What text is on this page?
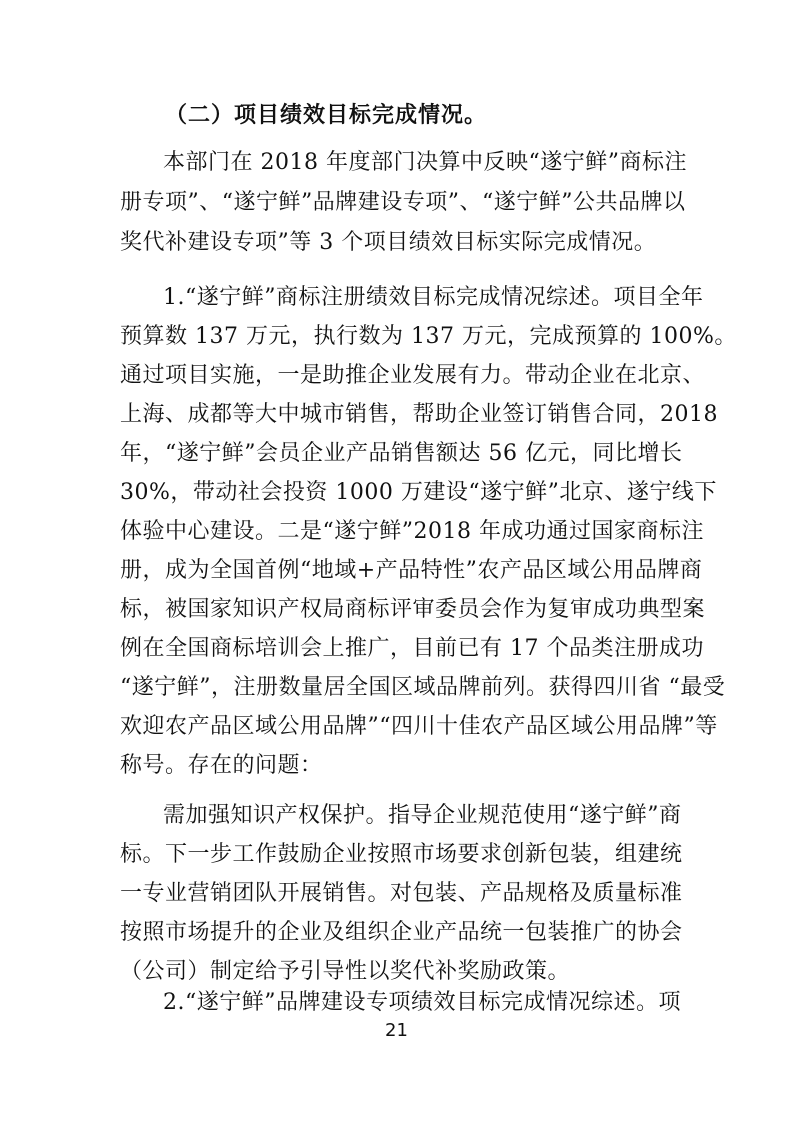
（二）项目绩效目标完成情况。
本部门在 2018 年度部门决算中反映“遂宁鲜”商标注
册专项”、“遂宁鲜”品牌建设专项”、“遂宁鲜”公共品牌以
奖代补建设专项”等 3 个项目绩效目标实际完成情况。
1.“遂宁鲜”商标注册绩效目标完成情况综述。项目全年
预算数 137 万元，执行数为 137 万元，完成预算的 100%。
通过项目实施，一是助推企业发展有力。带动企业在北京、
上海、成都等大中城市销售，帮助企业签订销售合同，2018
年，“遂宁鲜”会员企业产品销售额达 56 亿元，同比增长
30%，带动社会投资 1000 万建设“遂宁鲜”北京、遂宁线下
体验中心建设。二是“遂宁鲜”2018 年成功通过国家商标注
册，成为全国首例“地域+产品特性”农产品区域公用品牌商
标，被国家知识产权局商标评审委员会作为复审成功典型案
例在全国商标培训会上推广，目前已有 17 个品类注册成功
“遂宁鲜”，注册数量居全国区域品牌前列。获得四川省 “最受
欢迎农产品区域公用品牌”“四川十佳农产品区域公用品牌”等
称号。存在的问题：
需加强知识产权保护。指导企业规范使用“遂宁鲜”商
标。下一步工作鼓励企业按照市场要求创新包装，组建统
一专业营销团队开展销售。对包装、产品规格及质量标准
按照市场提升的企业及组织企业产品统一包装推广的协会
（公司）制定给予引导性以奖代补奖励政策。
2.“遂宁鲜”品牌建设专项绩效目标完成情况综述。项
21
